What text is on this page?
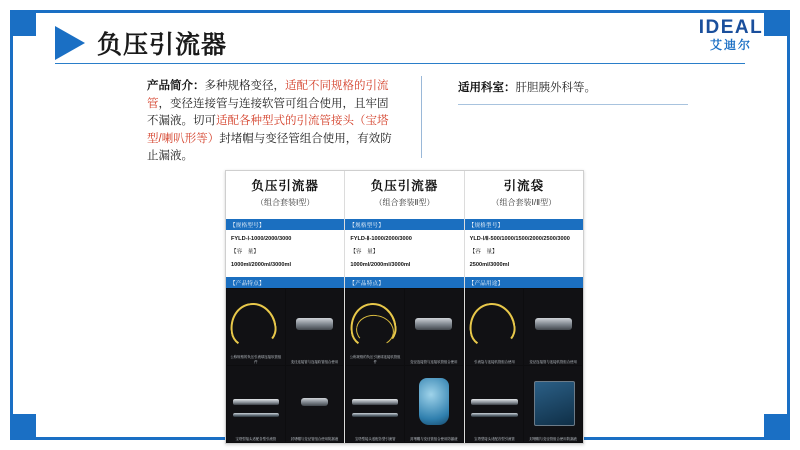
负压引流器
IDEAL
艾迪尔
产品简介：多种规格变径，适配不同规格的引流管，变径连接管与连接软管可组合使用，且牢固不漏液。切可适配各种型式的引流管接头（宝塔型/喇叭形等）封堵帽与变径管组合使用，有效防止漏液。
适用科室：肝胆胰外科等。
负压引流器
（组合套装Ⅰ型）
【规格型号】
FYLD-Ⅰ-1000/2000/3000
【容　量】
1000ml/2000ml/3000ml
【产品特点】
公称规格的负压引流球连接软管组件	变径连接管与连接软管组合使用
宝塔型接头适配各型引流管	封堵帽与变径管组合使用防漏液
负压引流器
（组合套装Ⅱ型）
【规格型号】
FYLD-Ⅱ-1000/2000/3000
【容　量】
1000ml/2000ml/3000ml
【产品特点】
公称规格的负压引流球连接软管组件	变径连接管与连接软管组合使用
宝塔型接头适配各型引流管	封堵帽与变径管组合使用防漏液
引流袋
（组合套装Ⅰ/Ⅱ型）
【规格型号】
YLD-Ⅰ/Ⅱ-500/1000/1500/2000/2500/3000
【容　量】
2500ml/3000ml
【产品用途】
引流袋与连接软管组合使用	变径连接管与连接软管组合使用
宝塔型接头适配各型引流管	封堵帽与变径管组合使用防漏液
